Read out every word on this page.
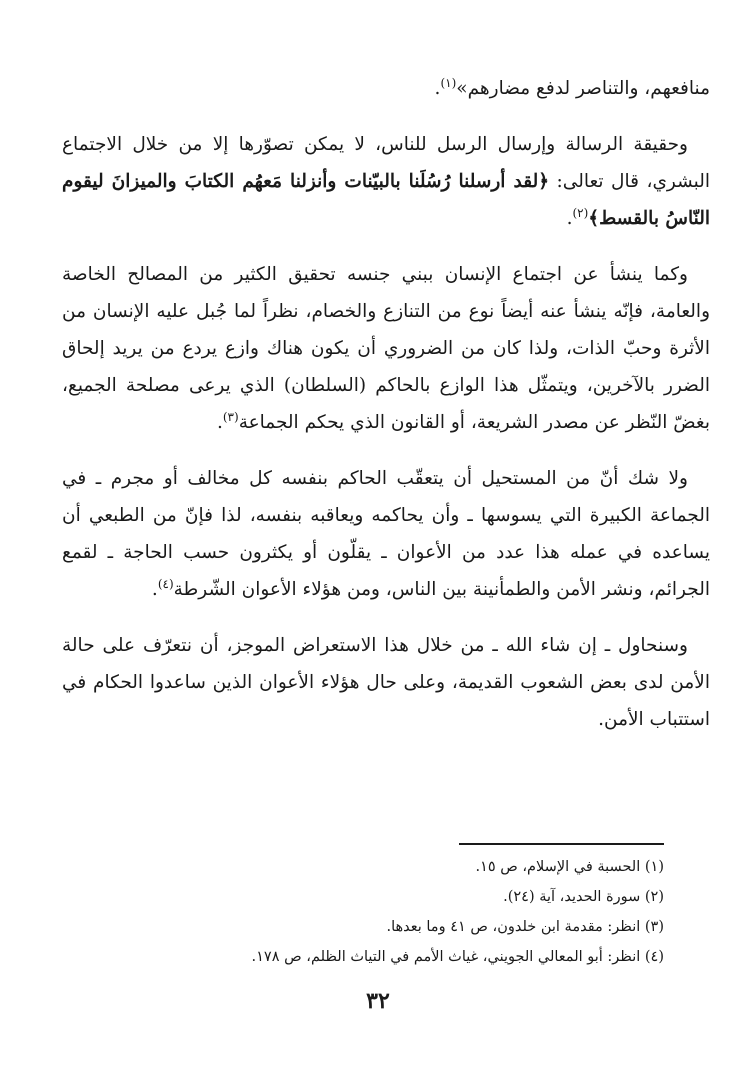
منافعهم، والتناصر لدفع مضارهم»$^{(١)}$.

وحقيقة الرسالة وإرسال الرسل للناس، لا يمكن تصوّرها إلا من خلال الاجتماع البشري، قال تعالى: ﴿لقد أرسلنا رُسُلَنا بالبيّنات وأنزلنا مَعهُم الكتابَ والميزانَ ليقوم النّاسُ بالقسط﴾$^{(٢)}$.

وكما ينشأ عن اجتماع الإنسان ببني جنسه تحقيق الكثير من المصالح الخاصة والعامة، فإنّه ينشأ عنه أيضاً نوع من التنازع والخصام، نظراً لما جُبل عليه الإنسان من الأثرة وحبّ الذات، ولذا كان من الضروري أن يكون هناك وازع يردع من يريد إلحاق الضرر بالآخرين، ويتمثّل هذا الوازع بالحاكم (السلطان) الذي يرعى مصلحة الجميع، بغضّ النّظر عن مصدر الشريعة، أو القانون الذي يحكم الجماعة$^{(٣)}$.

ولا شك أنّ من المستحيل أن يتعقّب الحاكم بنفسه كل مخالف أو مجرم ـ في الجماعة الكبيرة التي يسوسها ـ وأن يحاكمه ويعاقبه بنفسه، لذا فإنّ من الطبعي أن يساعده في عمله هذا عدد من الأعوان ـ يقلّون أو يكثرون حسب الحاجة ـ لقمع الجرائم، ونشر الأمن والطمأنينة بين الناس، ومن هؤلاء الأعوان الشّرطة$^{(٤)}$.

وسنحاول ـ إن شاء الله ـ من خلال هذا الاستعراض الموجز، أن نتعرّف على حالة الأمن لدى بعض الشعوب القديمة، وعلى حال هؤلاء الأعوان الذين ساعدوا الحكام في استتباب الأمن.

(١) الحسبة في الإسلام، ص ١٥.
(٢) سورة الحديد، آية (٢٤).
(٣) انظر: مقدمة ابن خلدون، ص ٤١ وما بعدها.
(٤) انظر: أبو المعالي الجويني، غياث الأمم في التياث الظلم، ص ١٧٨.
٣٢
